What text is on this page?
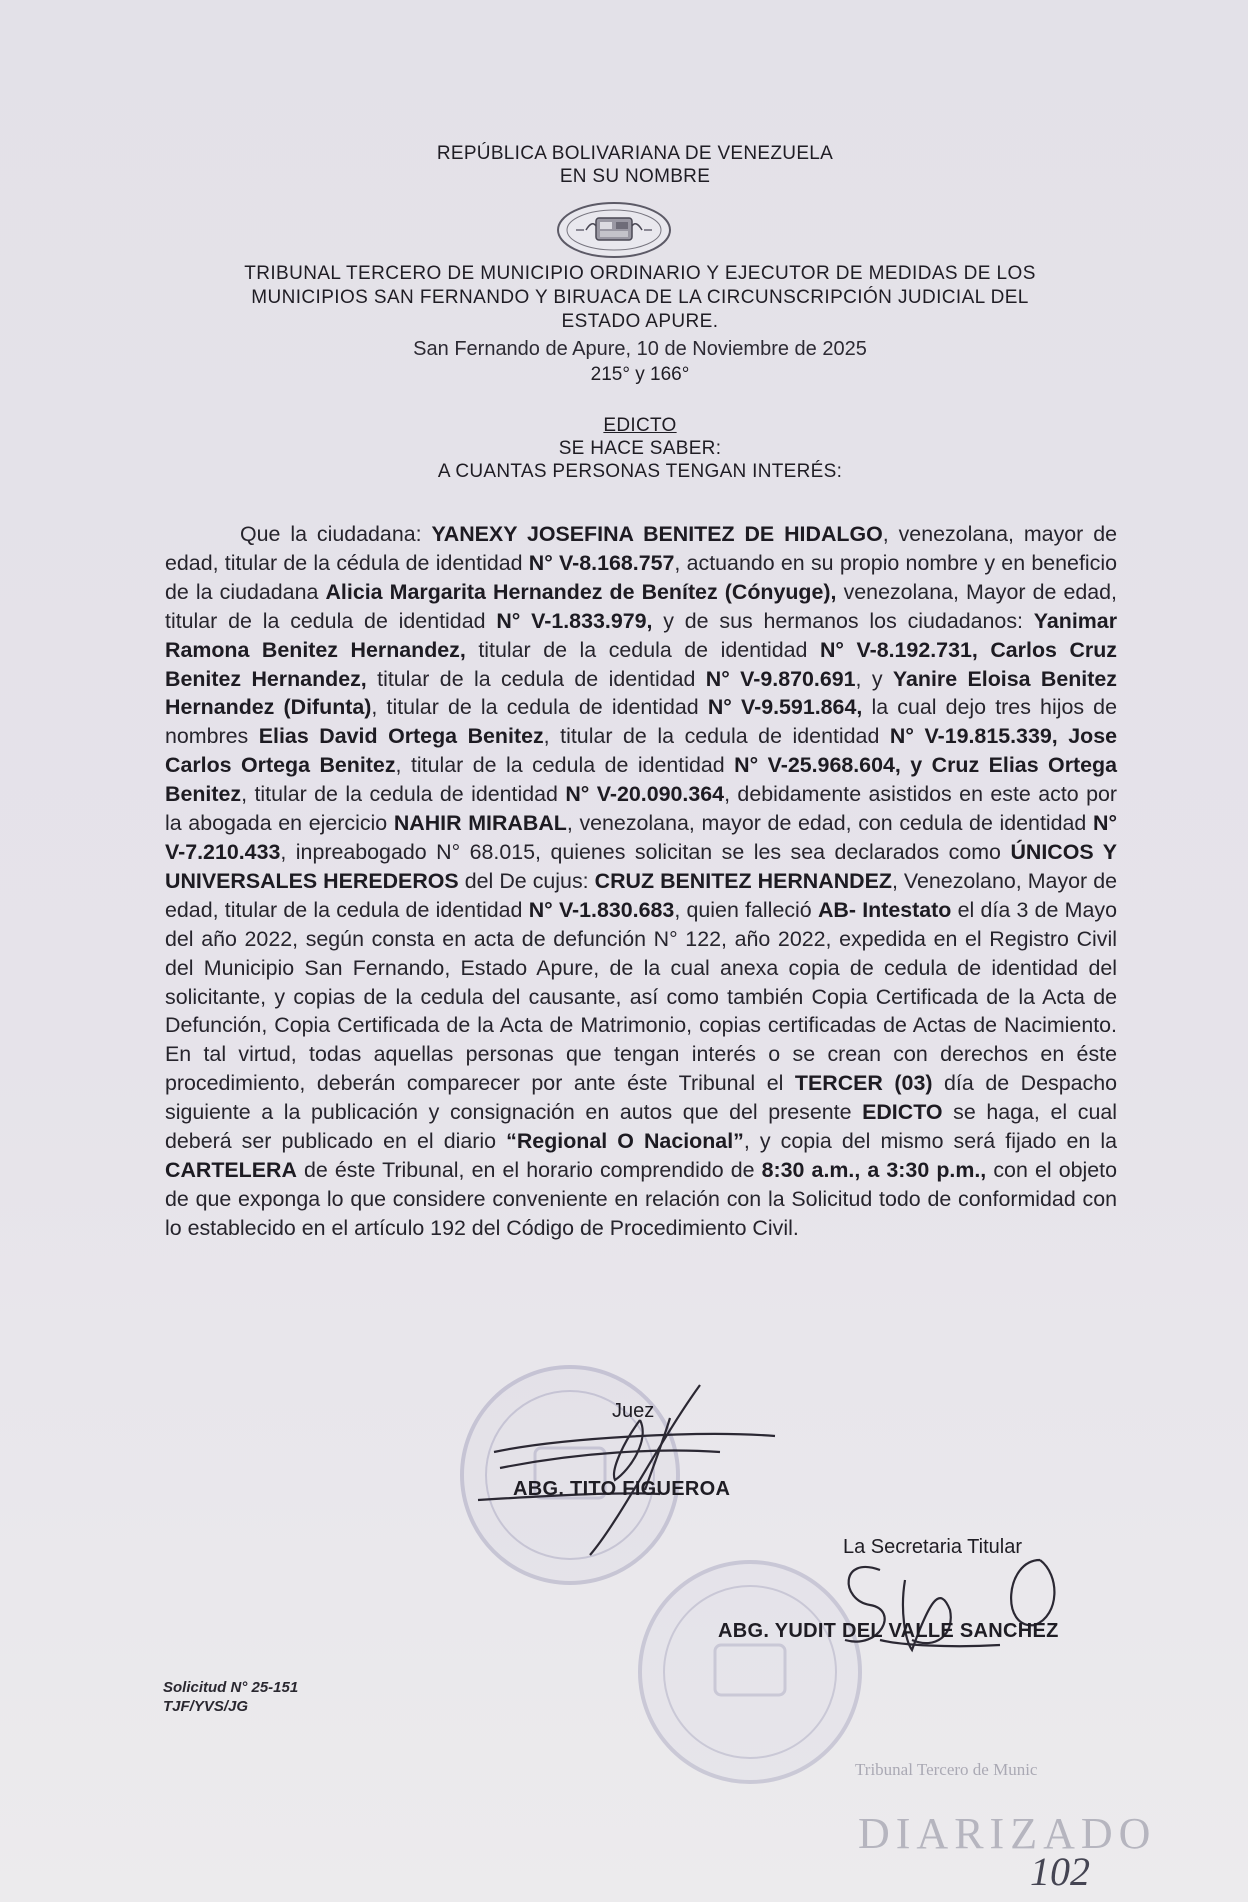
REPÚBLICA BOLIVARIANA DE VENEZUELA
EN SU NOMBRE
TRIBUNAL TERCERO DE MUNICIPIO ORDINARIO Y EJECUTOR DE MEDIDAS DE LOS
MUNICIPIOS SAN FERNANDO Y BIRUACA DE LA CIRCUNSCRIPCIÓN JUDICIAL DEL
ESTADO APURE.
San Fernando de Apure, 10 de Noviembre de 2025
215° y 166°
EDICTO
SE HACE SABER:
A CUANTAS PERSONAS TENGAN INTERÉS:

Que la ciudadana: YANEXY JOSEFINA BENITEZ DE HIDALGO, venezolana, mayor de edad, titular de la cédula de identidad N° V-8.168.757, actuando en su propio nombre y en beneficio de la ciudadana Alicia Margarita Hernandez de Benítez (Cónyuge), venezolana, Mayor de edad, titular de la cedula de identidad N° V-1.833.979, y de sus hermanos los ciudadanos: Yanimar Ramona Benitez Hernandez, titular de la cedula de identidad N° V-8.192.731, Carlos Cruz Benitez Hernandez, titular de la cedula de identidad N° V-9.870.691, y Yanire Eloisa Benitez Hernandez (Difunta), titular de la cedula de identidad N° V-9.591.864, la cual dejo tres hijos de nombres Elias David Ortega Benitez, titular de la cedula de identidad N° V-19.815.339, Jose Carlos Ortega Benitez, titular de la cedula de identidad N° V-25.968.604, y Cruz Elias Ortega Benitez, titular de la cedula de identidad N° V-20.090.364, debidamente asistidos en este acto por la abogada en ejercicio NAHIR MIRABAL, venezolana, mayor de edad, con cedula de identidad N° V-7.210.433, inpreabogado N° 68.015, quienes solicitan se les sea declarados como ÚNICOS Y UNIVERSALES HEREDEROS del De cujus: CRUZ BENITEZ HERNANDEZ, Venezolano, Mayor de edad, titular de la cedula de identidad N° V-1.830.683, quien falleció AB- Intestato el día 3 de Mayo del año 2022, según consta en acta de defunción N° 122, año 2022, expedida en el Registro Civil del Municipio San Fernando, Estado Apure, de la cual anexa copia de cedula de identidad del solicitante, y copias de la cedula del causante, así como también Copia Certificada de la Acta de Defunción, Copia Certificada de la Acta de Matrimonio, copias certificadas de Actas de Nacimiento. En tal virtud, todas aquellas personas que tengan interés o se crean con derechos en éste procedimiento, deberán comparecer por ante éste Tribunal el TERCER (03) día de Despacho siguiente a la publicación y consignación en autos que del presente EDICTO se haga, el cual deberá ser publicado en el diario “Regional O Nacional”, y copia del mismo será fijado en la CARTELERA de éste Tribunal, en el horario comprendido de 8:30 a.m., a 3:30 p.m., con el objeto de que exponga lo que considere conveniente en relación con la Solicitud todo de conformidad con lo establecido en el artículo 192 del Código de Procedimiento Civil.

Juez
ABG. TITO FIGUEROA
La Secretaria Titular
ABG. YUDIT DEL VALLE SANCHEZ
Solicitud N° 25-151
TJF/YVS/JG
Tribunal Tercero de Munic
DIARIZADO
102
